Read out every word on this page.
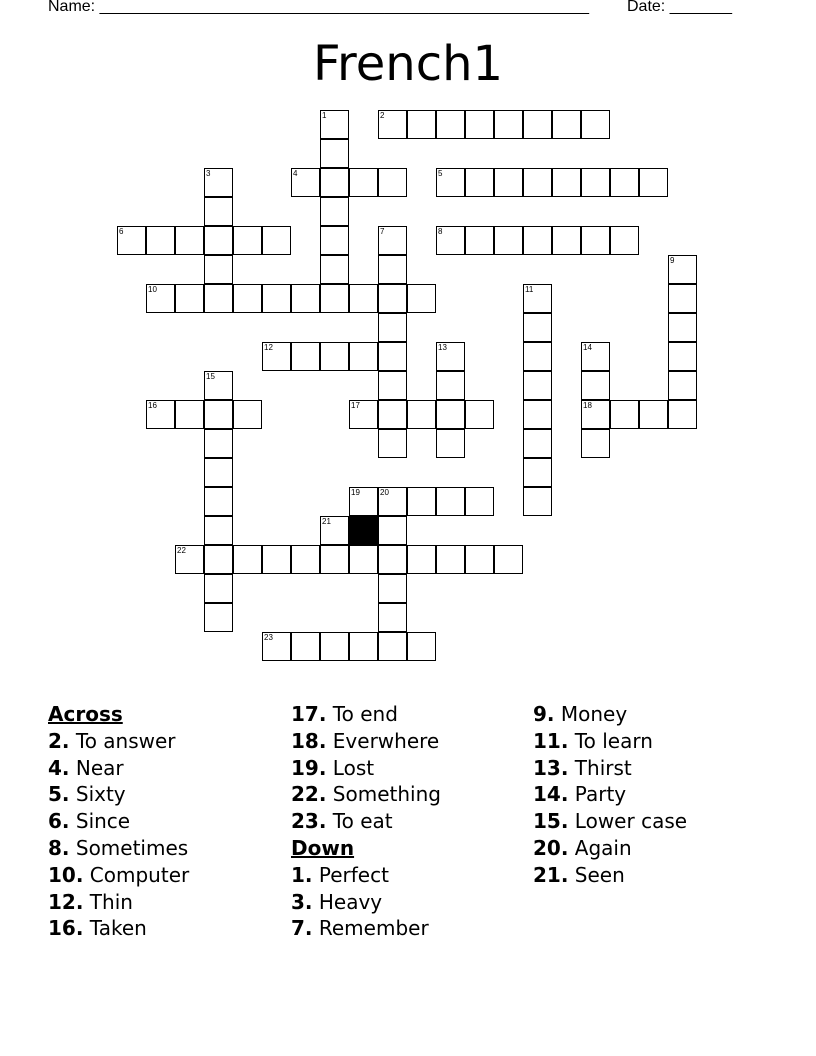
Name: _______________________________________________________ Date: _______
French1
1	2
3	4	5
6	7	8
9
10	11
12	13	14
18
15
16	17
19	20
21
22
23
Across
2. To answer
4. Near
5. Sixty
6. Since
8. Sometimes
10. Computer
12. Thin
16. Taken
17. To end
18. Everwhere
19. Lost
22. Something
23. To eat
Down
1. Perfect
3. Heavy
7. Remember
9. Money
11. To learn
13. Thirst
14. Party
15. Lower case
20. Again
21. Seen
